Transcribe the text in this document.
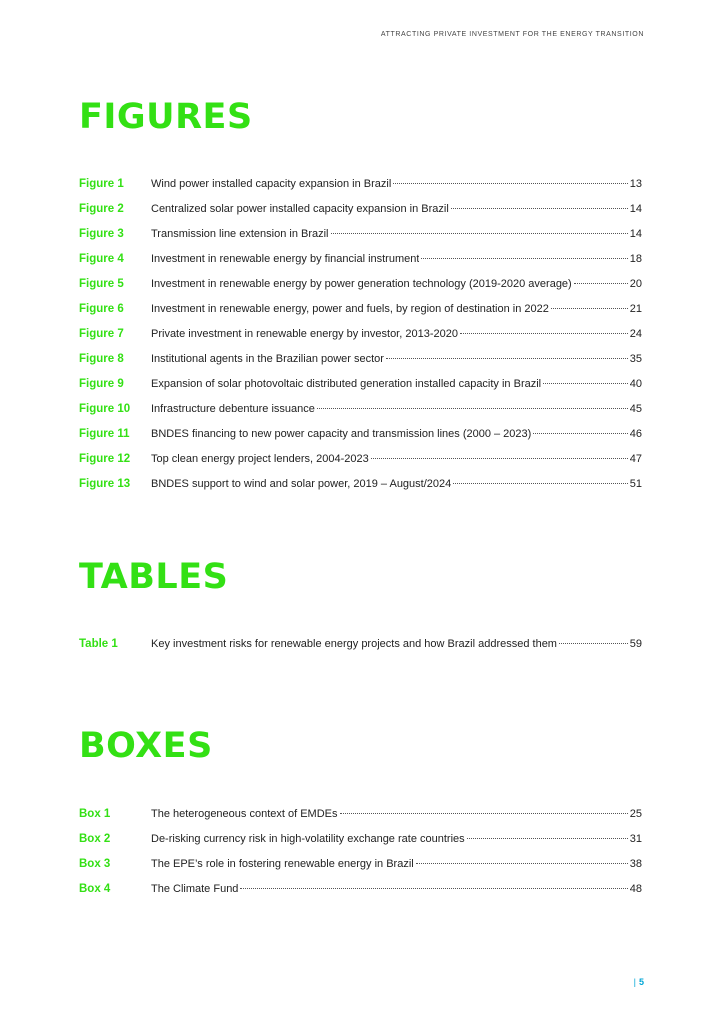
ATTRACTING PRIVATE INVESTMENT FOR THE ENERGY TRANSITION
FIGURES
Figure 1	Wind power installed capacity expansion in Brazil	13
Figure 2	Centralized solar power installed capacity expansion in Brazil	14
Figure 3	Transmission line extension in Brazil	14
Figure 4	Investment in renewable energy by financial instrument	18
Figure 5	Investment in renewable energy by power generation technology (2019-2020 average)	20
Figure 6	Investment in renewable energy, power and fuels, by region of destination in 2022	21
Figure 7	Private investment in renewable energy by investor, 2013-2020	24
Figure 8	Institutional agents in the Brazilian power sector	35
Figure 9	Expansion of solar photovoltaic distributed generation installed capacity in Brazil	40
Figure 10	Infrastructure debenture issuance	45
Figure 11	BNDES financing to new power capacity and transmission lines (2000 – 2023)	46
Figure 12	Top clean energy project lenders, 2004-2023	47
Figure 13	BNDES support to wind and solar power, 2019 – August/2024	51
TABLES
Table 1	Key investment risks for renewable energy projects and how Brazil addressed them	59
BOXES
Box 1	The heterogeneous context of EMDEs	25
Box 2	De-risking currency risk in high-volatility exchange rate countries	31
Box 3	The EPE’s role in fostering renewable energy in Brazil	38
Box 4	The Climate Fund	48
| 5
